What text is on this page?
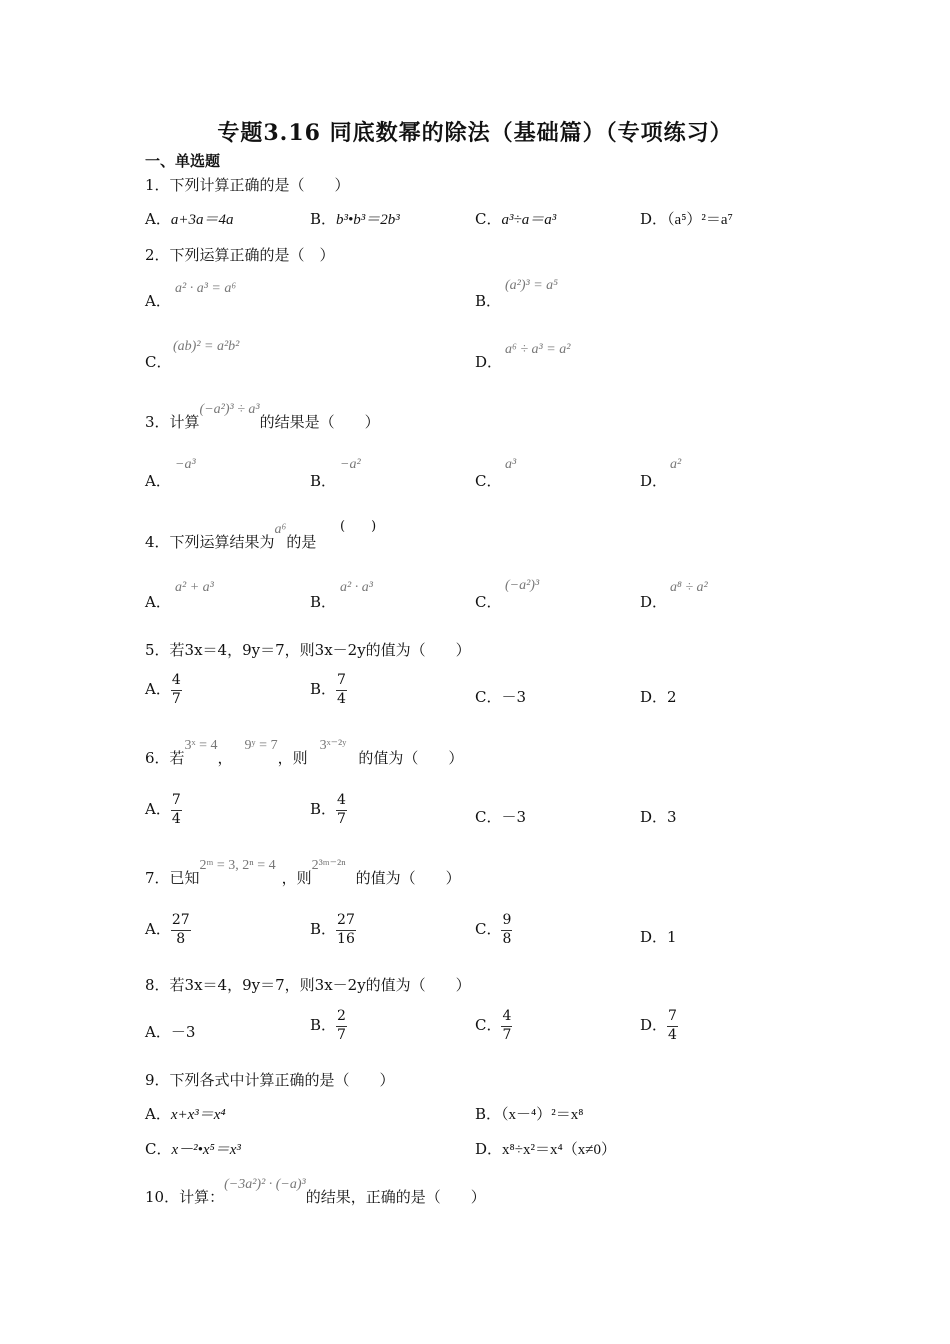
专题3.16 同底数幂的除法（基础篇）（专项练习）
一、单选题
1．下列计算正确的是（　　）
A．a+3a＝4a	B．b³•b³＝2b³	C．a³÷a＝a³	D．（a⁵）²＝a⁷
2．下列运算正确的是（　）
A．
a² · a³ = a⁶
B．
(a²)³ = a⁵
C．
(ab)² = a²b²
D．
a⁶ ÷ a³ = a²
3．计算(−a²)³ ÷ a³的结果是（　　）
A．
−a³
B．
−a²
C．
a³
D．
a²
4．下列运算结果为a⁶的是
(　　)
A．
a² + a³
B．
a² · a³
C．
(−a²)³
D．
a⁸ ÷ a²
5．若3x＝4，9y＝7，则3x－2y的值为（　　）
A． $\frac{4}{7}$	B． $\frac{7}{4}$	C．－3	D．2
6．若3ˣ = 4，9ʸ = 7，则3ˣ⁻²ʸ的值为（　　）
A． $\frac{7}{4}$	B． $\frac{4}{7}$	C．－3	D．3
7．已知2ᵐ = 3, 2ⁿ = 4，则2³ᵐ⁻²ⁿ的值为（　　）
A． $\frac{27}{8}$	B． $\frac{27}{16}$	C． $\frac{9}{8}$	D．1
8．若3x＝4，9y＝7，则3x－2y的值为（　　）
A．－3	B． $\frac{2}{7}$	C． $\frac{4}{7}$	D． $\frac{7}{4}$
9．下列各式中计算正确的是（　　）
A．x+x³＝x⁴	B．（x－⁴）²＝x⁸
C．x－²•x⁵＝x³	D．x⁸÷x²＝x⁴（x≠0）
10．计算：(−3a²)² · (−a)³的结果，正确的是（　　）
